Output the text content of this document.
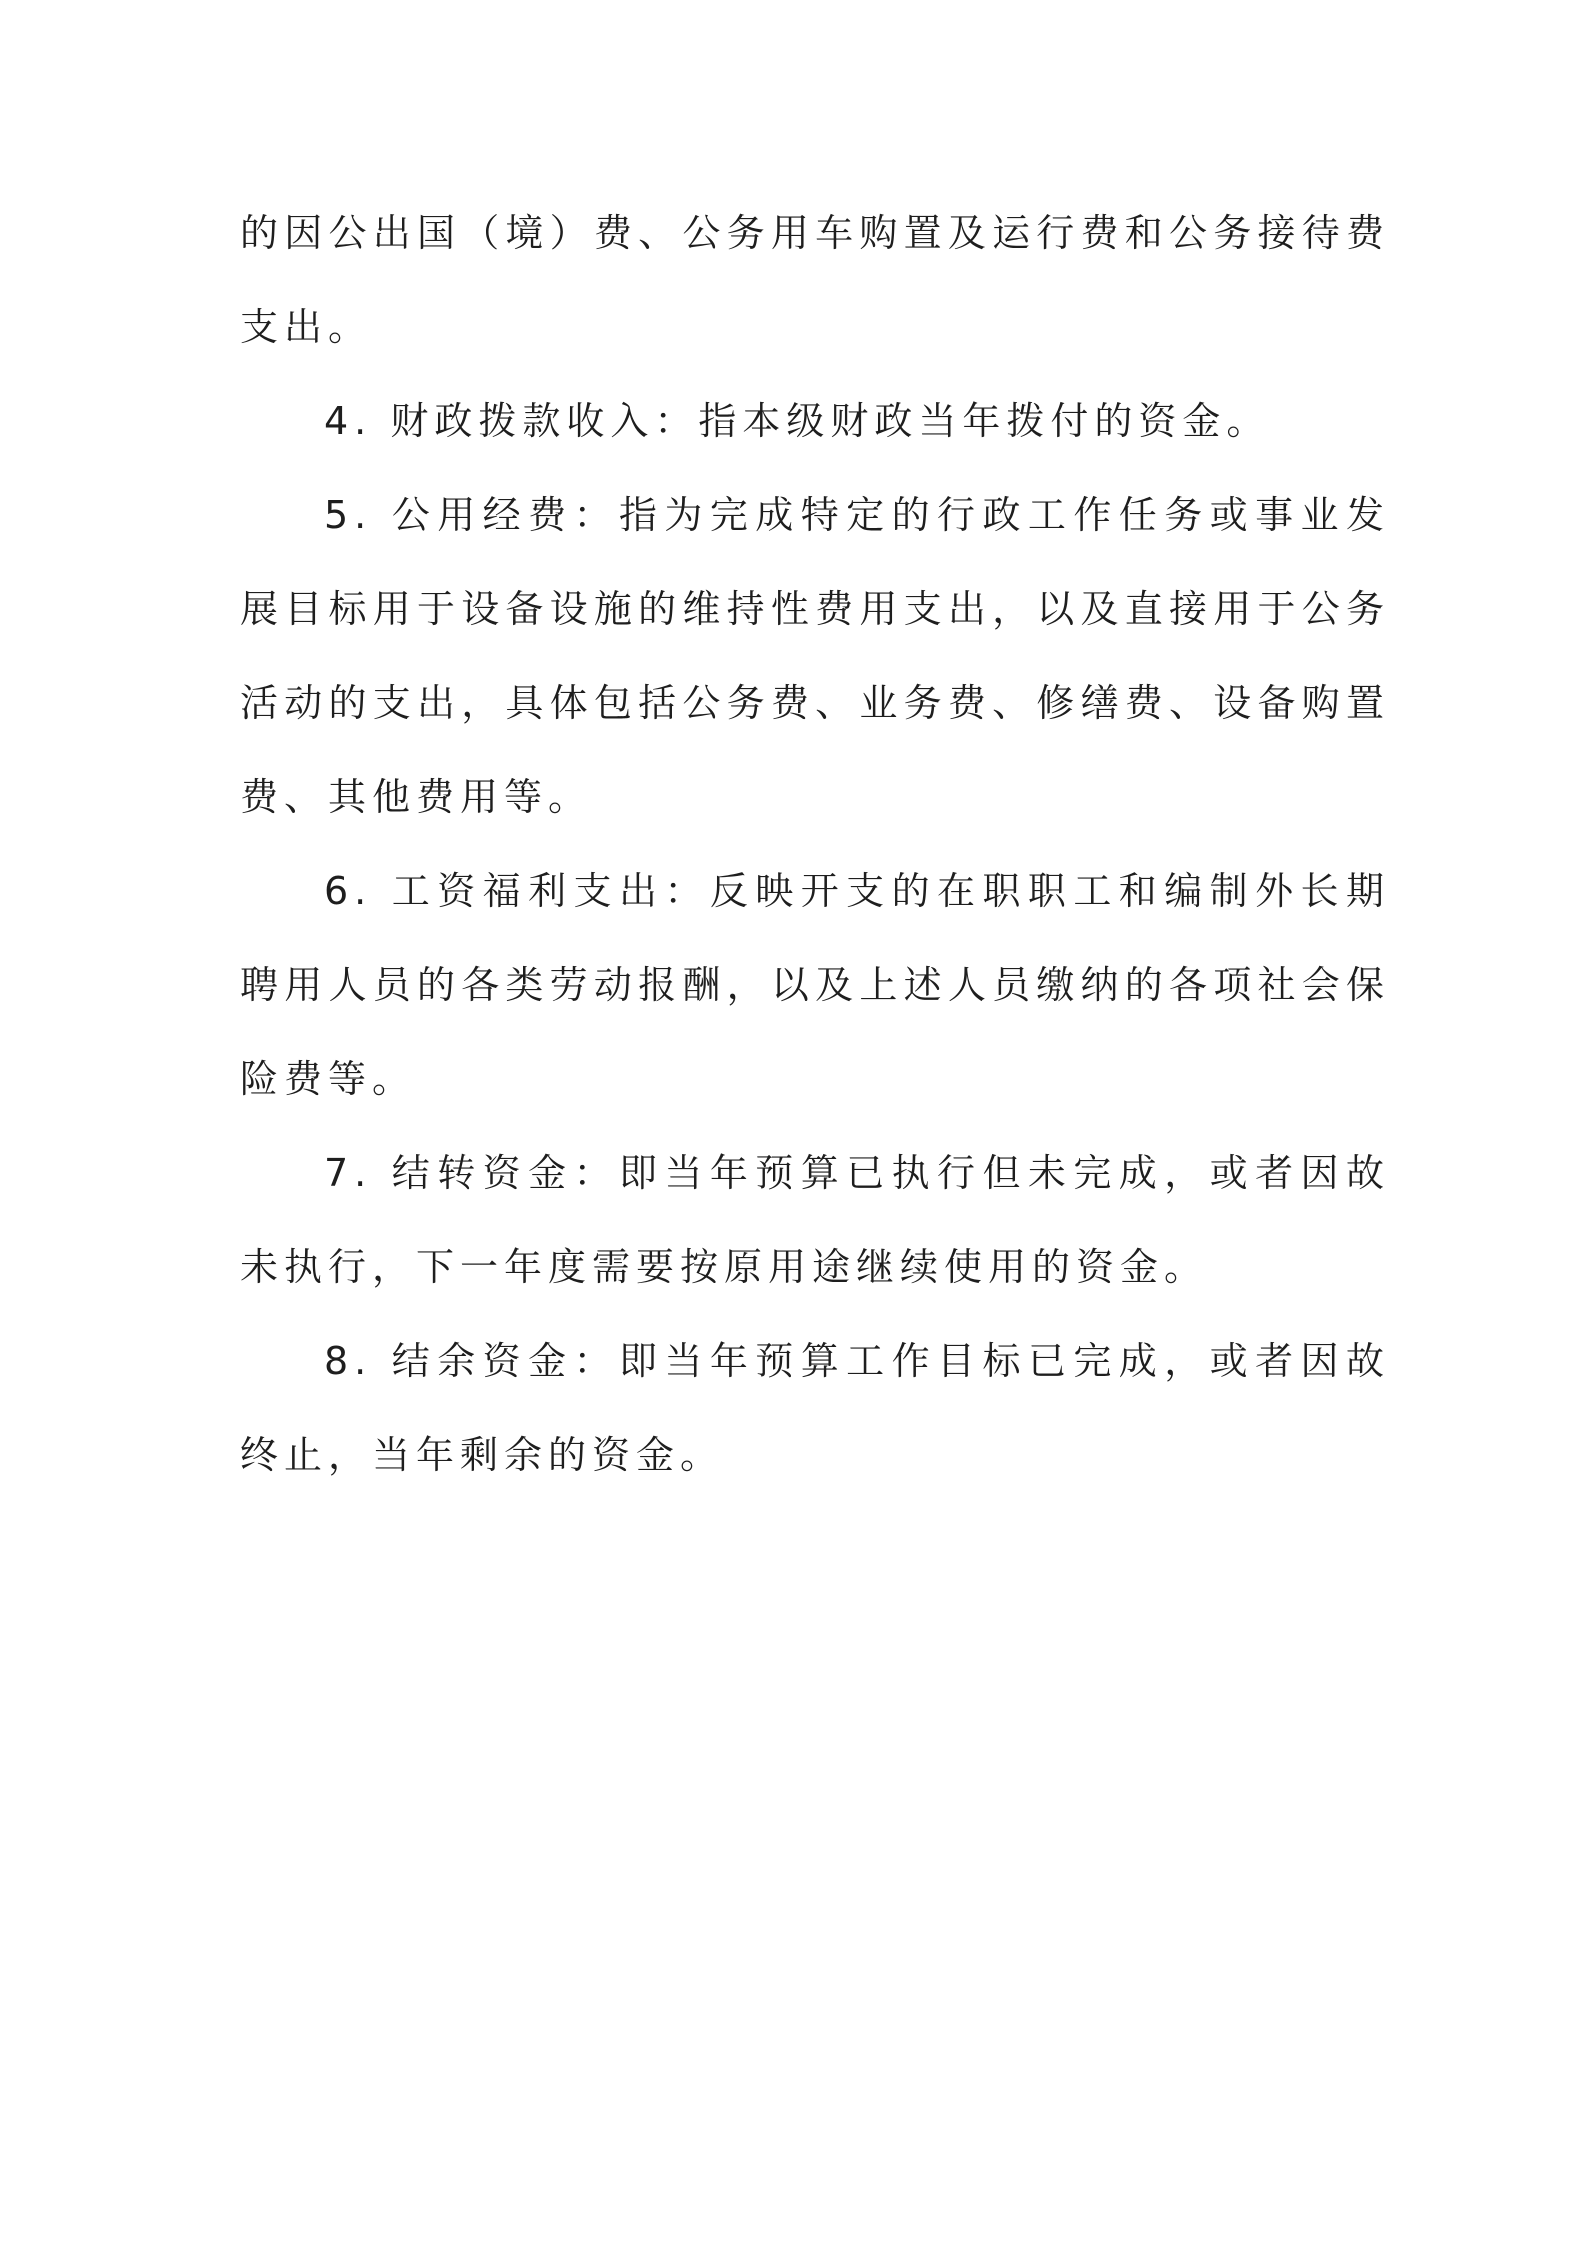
的因公出国（境）费、公务用车购置及运行费和公务接待费支出。

4. 财政拨款收入：指本级财政当年拨付的资金。

5. 公用经费：指为完成特定的行政工作任务或事业发展目标用于设备设施的维持性费用支出，以及直接用于公务活动的支出，具体包括公务费、业务费、修缮费、设备购置费、其他费用等。

6. 工资福利支出：反映开支的在职职工和编制外长期聘用人员的各类劳动报酬，以及上述人员缴纳的各项社会保险费等。

7. 结转资金：即当年预算已执行但未完成，或者因故未执行，下一年度需要按原用途继续使用的资金。

8. 结余资金：即当年预算工作目标已完成，或者因故终止，当年剩余的资金。
